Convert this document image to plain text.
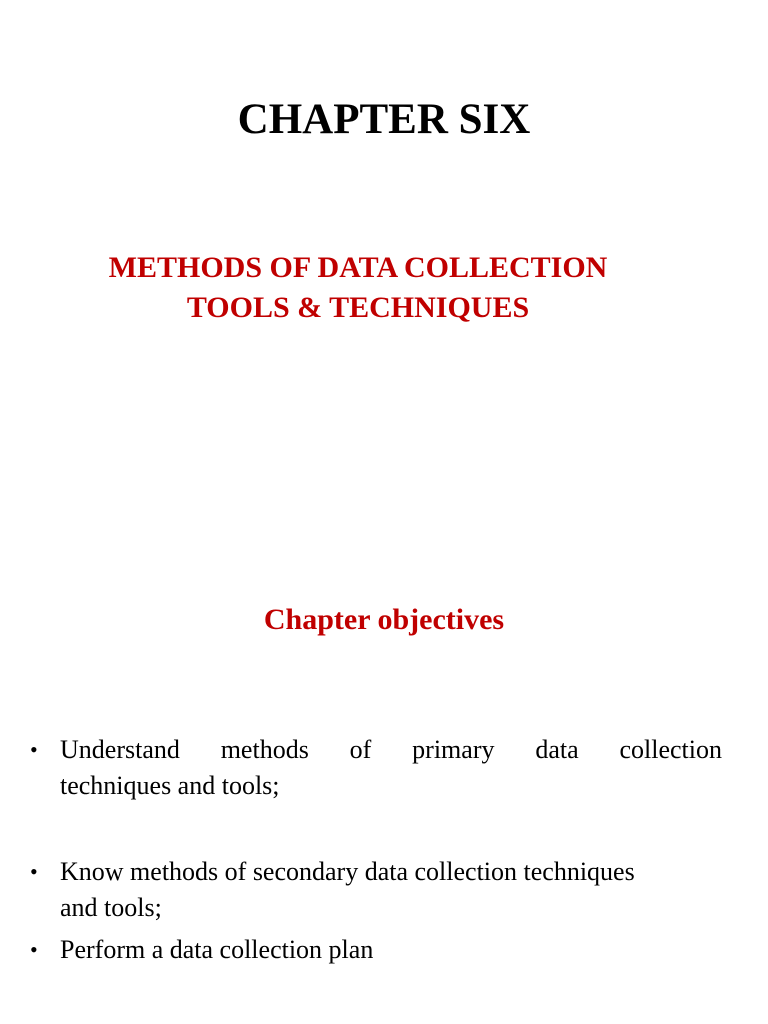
CHAPTER SIX
METHODS OF DATA COLLECTION
TOOLS & TECHNIQUES
Chapter objectives
• Understand methods of primary data collection
techniques and tools;
• Know methods of secondary data collection techniques
and tools;
• Perform a data collection plan
